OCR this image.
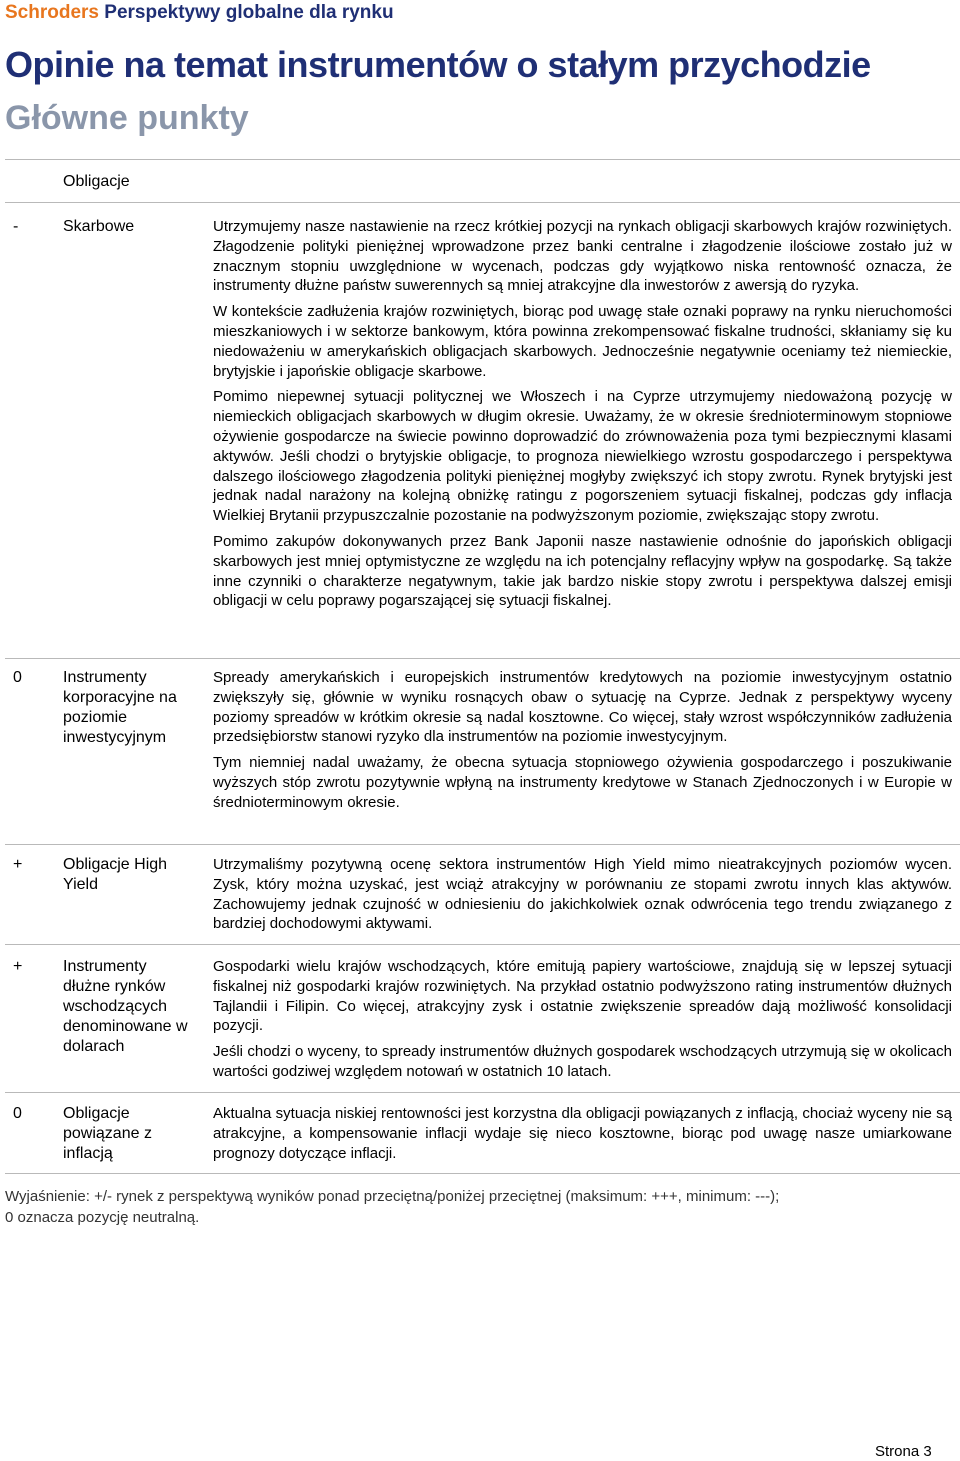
Schroders Perspektywy globalne dla rynku
Opinie na temat instrumentów o stałym przychodzie
Główne punkty
Obligacje
-	Skarbowe	Utrzymujemy nasze nastawienie na rzecz krótkiej pozycji na rynkach obligacji skarbowych krajów rozwiniętych. Złagodzenie polityki pieniężnej wprowadzone przez banki centralne i złagodzenie ilościowe zostało już w znacznym stopniu uwzględnione w wycenach, podczas gdy wyjątkowo niska rentowność oznacza, że instrumenty dłużne państw suwerennych są mniej atrakcyjne dla inwestorów z awersją do ryzyka.

W kontekście zadłużenia krajów rozwiniętych, biorąc pod uwagę stałe oznaki poprawy na rynku nieruchomości mieszkaniowych i w sektorze bankowym, która powinna zrekompensować fiskalne trudności, skłaniamy się ku niedoważeniu w amerykańskich obligacjach skarbowych. Jednocześnie negatywnie oceniamy też niemieckie, brytyjskie i japońskie obligacje skarbowe.

Pomimo niepewnej sytuacji politycznej we Włoszech i na Cyprze utrzymujemy niedoważoną pozycję w niemieckich obligacjach skarbowych w długim okresie. Uważamy, że w okresie średnioterminowym stopniowe ożywienie gospodarcze na świecie powinno doprowadzić do zrównoważenia poza tymi bezpiecznymi klasami aktywów. Jeśli chodzi o brytyjskie obligacje, to prognoza niewielkiego wzrostu gospodarczego i perspektywa dalszego ilościowego złagodzenia polityki pieniężnej mogłyby zwiększyć ich stopy zwrotu. Rynek brytyjski jest jednak nadal narażony na kolejną obniżkę ratingu z pogorszeniem sytuacji fiskalnej, podczas gdy inflacja Wielkiej Brytanii przypuszczalnie pozostanie na podwyższonym poziomie, zwiększając stopy zwrotu.

Pomimo zakupów dokonywanych przez Bank Japonii nasze nastawienie odnośnie do japońskich obligacji skarbowych jest mniej optymistyczne ze względu na ich potencjalny reflacyjny wpływ na gospodarkę. Są także inne czynniki o charakterze negatywnym, takie jak bardzo niskie stopy zwrotu i perspektywa dalszej emisji obligacji w celu poprawy pogarszającej się sytuacji fiskalnej.

0	Instrumenty korporacyjne na poziomie inwestycyjnym

Spready amerykańskich i europejskich instrumentów kredytowych na poziomie inwestycyjnym ostatnio zwiększyły się, głównie w wyniku rosnących obaw o sytuację na Cyprze. Jednak z perspektywy wyceny poziomy spreadów w krótkim okresie są nadal kosztowne. Co więcej, stały wzrost współczynników zadłużenia przedsiębiorstw stanowi ryzyko dla instrumentów na poziomie inwestycyjnym.

Tym niemniej nadal uważamy, że obecna sytuacja stopniowego ożywienia gospodarczego i poszukiwanie wyższych stóp zwrotu pozytywnie wpłyną na instrumenty kredytowe w Stanach Zjednoczonych i w Europie w średnioterminowym okresie.

+	Obligacje High Yield

Utrzymaliśmy pozytywną ocenę sektora instrumentów High Yield mimo nieatrakcyjnych poziomów wycen. Zysk, który można uzyskać, jest wciąż atrakcyjny w porównaniu ze stopami zwrotu innych klas aktywów. Zachowujemy jednak czujność w odniesieniu do jakichkolwiek oznak odwrócenia tego trendu związanego z bardziej dochodowymi aktywami.

+	Instrumenty dłużne rynków wschodzących denominowane w dolarach

Gospodarki wielu krajów wschodzących, które emitują papiery wartościowe, znajdują się w lepszej sytuacji fiskalnej niż gospodarki krajów rozwiniętych. Na przykład ostatnio podwyższono rating instrumentów dłużnych Tajlandii i Filipin. Co więcej, atrakcyjny zysk i ostatnie zwiększenie spreadów dają możliwość konsolidacji pozycji.

Jeśli chodzi o wyceny, to spready instrumentów dłużnych gospodarek wschodzących utrzymują się w okolicach wartości godziwej względem notowań w ostatnich 10 latach.

0	Obligacje powiązane z inflacją

Aktualna sytuacja niskiej rentowności jest korzystna dla obligacji powiązanych z inflacją, chociaż wyceny nie są atrakcyjne, a kompensowanie inflacji wydaje się nieco kosztowne, biorąc pod uwagę nasze umiarkowane prognozy dotyczące inflacji.

Wyjaśnienie: +/- rynek z perspektywą wyników ponad przeciętną/poniżej przeciętnej (maksimum: +++, minimum: ---);
0 oznacza pozycję neutralną.
Strona 3
